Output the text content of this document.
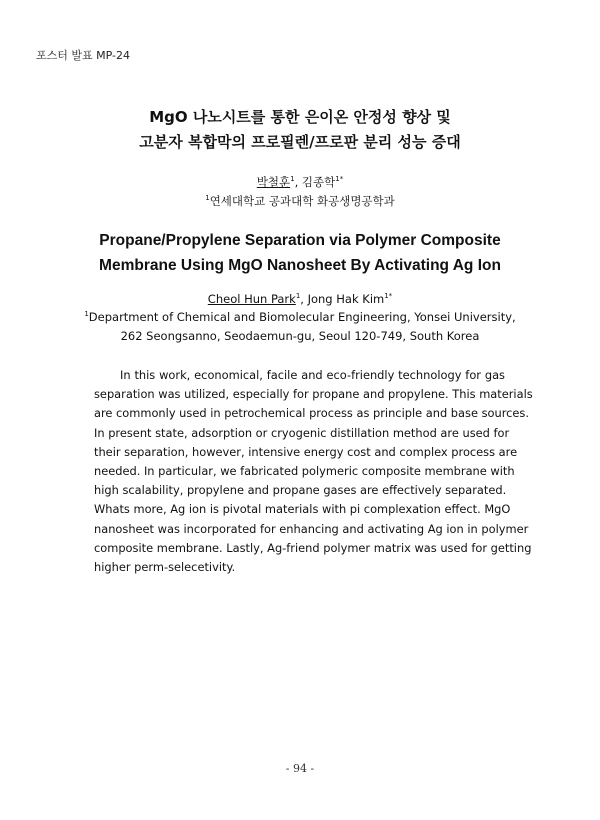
포스터 발표 MP-24
MgO 나노시트를 통한 은이온 안정성 향상 및
고분자 복합막의 프로필렌/프로판 분리 성능 증대
박철훈$^1$, 김종학$^{1*}$
$^1$연세대학교 공과대학 화공생명공학과
Propane/Propylene Separation via Polymer Composite
Membrane Using MgO Nanosheet By Activating Ag Ion
Cheol Hun Park$^1$, Jong Hak Kim$^{1*}$
$^1$Department of Chemical and Biomolecular Engineering, Yonsei University,
262 Seongsanno, Seodaemun-gu, Seoul 120-749, South Korea
In this work, economical, facile and eco-friendly technology for gas
separation was utilized, especially for propane and propylene. This materials
are commonly used in petrochemical process as principle and base sources.
In present state, adsorption or cryogenic distillation method are used for
their separation, however, intensive energy cost and complex process are
needed. In particular, we fabricated polymeric composite membrane with
high scalability, propylene and propane gases are effectively separated.
Whats more, Ag ion is pivotal materials with pi complexation effect. MgO
nanosheet was incorporated for enhancing and activating Ag ion in polymer
composite membrane. Lastly, Ag-friend polymer matrix was used for getting
higher perm-selecetivity.
- 94 -
